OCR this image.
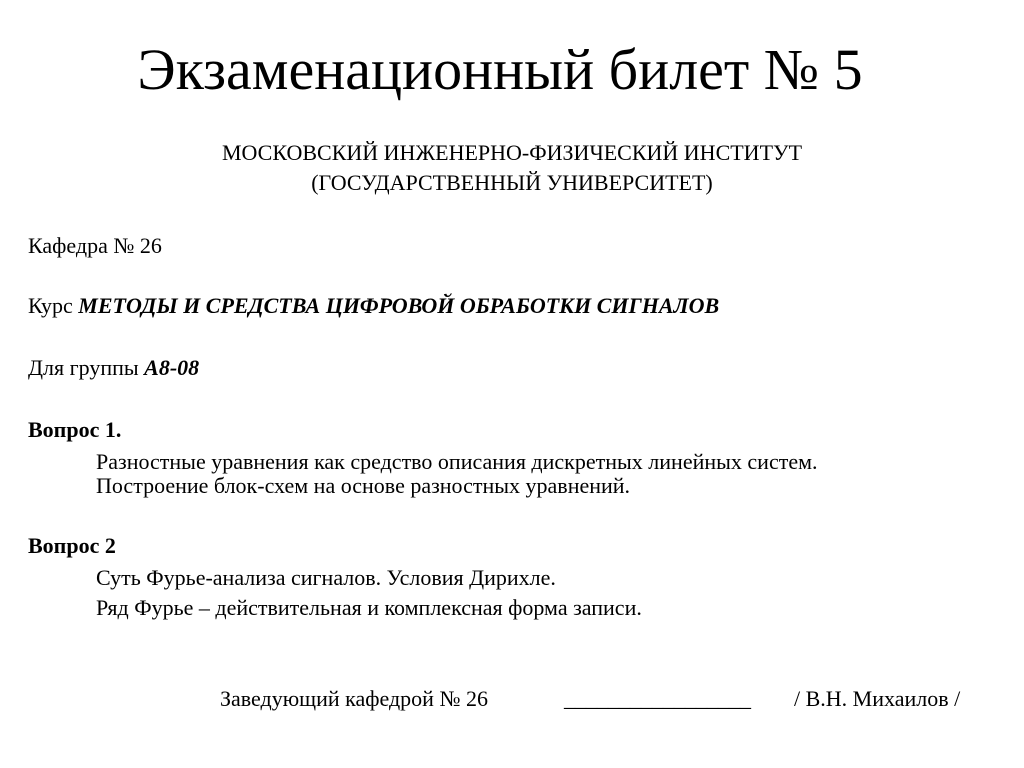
Экзаменационный билет № 5
МОСКОВСКИЙ ИНЖЕНЕРНО-ФИЗИЧЕСКИЙ ИНСТИТУТ
(ГОСУДАРСТВЕННЫЙ УНИВЕРСИТЕТ)
Кафедра № 26
Курс МЕТОДЫ И СРЕДСТВА ЦИФРОВОЙ ОБРАБОТКИ СИГНАЛОВ
Для группы А8-08
Вопрос 1.
Разностные уравнения как средство описания дискретных линейных систем.
Построение блок-схем на основе разностных уравнений.
Вопрос 2
Суть Фурье-анализа сигналов. Условия Дирихле.
Ряд Фурье – действительная и комплексная форма записи.
Заведующий кафедрой № 26	_________________ / В.Н. Михаилов /
